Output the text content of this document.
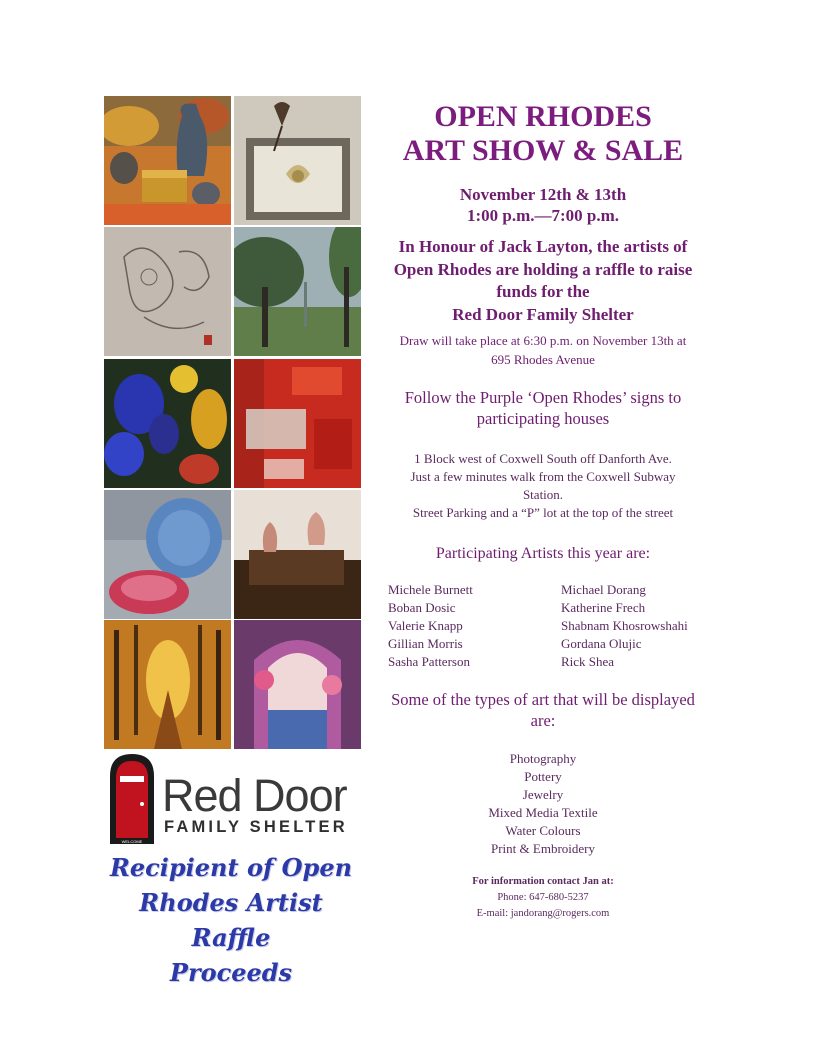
WELCOME
Red Door
FAMILY SHELTER
Recipient of Open
Rhodes Artist Raffle
Proceeds
OPEN RHODES
ART SHOW & SALE
November 12th & 13th
1:00 p.m.—7:00 p.m.
In Honour of Jack Layton, the artists of
Open Rhodes are holding a raffle to raise
funds for the
Red Door Family Shelter
Draw will take place at 6:30 p.m. on November 13th at
695 Rhodes Avenue
Follow the Purple ‘Open Rhodes’ signs to
participating houses
1 Block west of Coxwell South off Danforth Ave.
Just a few minutes walk from the Coxwell Subway
Station.
Street Parking and a “P” lot at the top of the street
Participating Artists this year are:
Michele Burnett
Boban Dosic
Valerie Knapp
Gillian Morris
Sasha Patterson
Michael Dorang
Katherine Frech
Shabnam Khosrowshahi
Gordana Olujic
Rick Shea
Some of the types of art that will be displayed
are:
Photography
Pottery
Jewelry
Mixed Media Textile
Water Colours
Print & Embroidery
For information contact Jan at:
Phone: 647-680-5237
E-mail: jandorang@rogers.com
